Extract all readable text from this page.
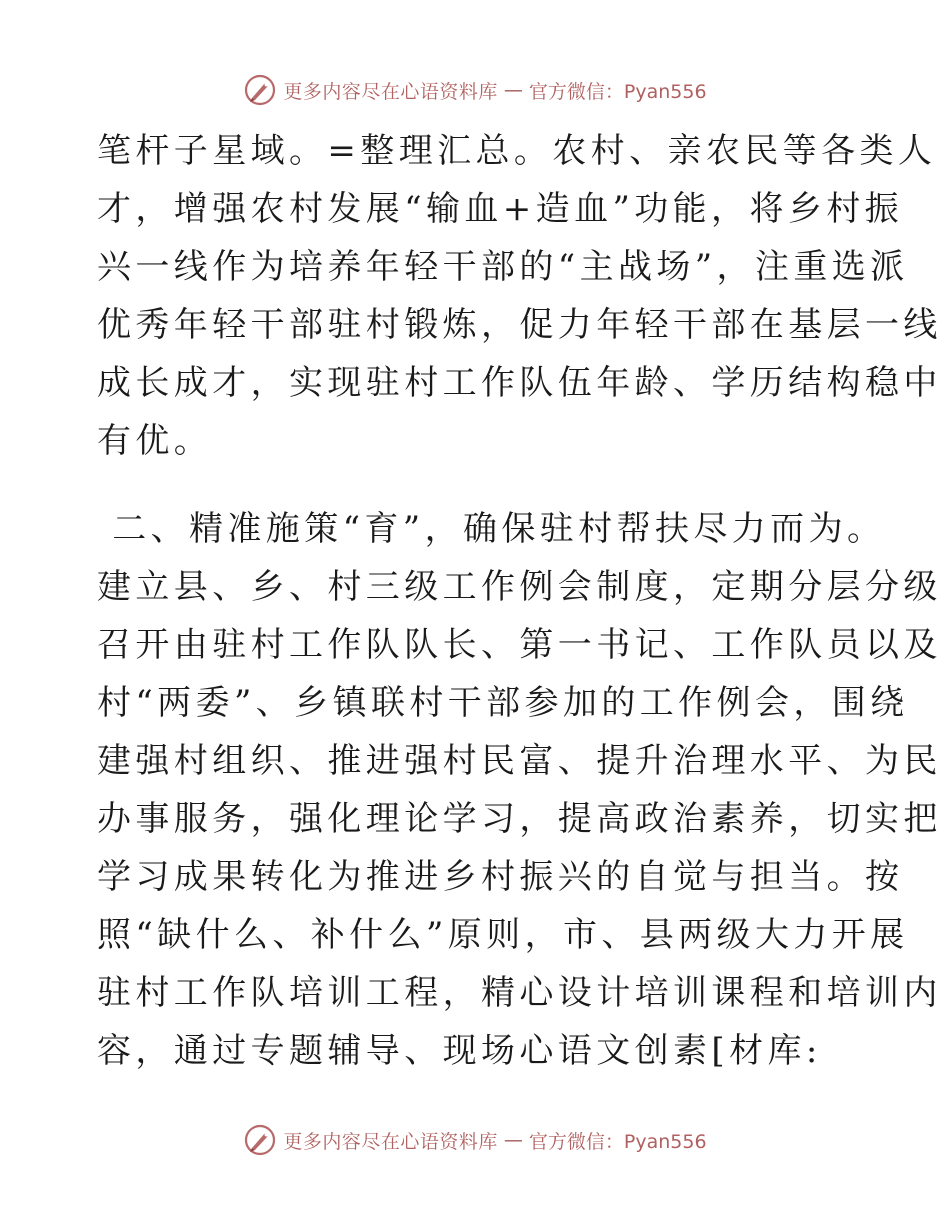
更多内容尽在心语资料库 — 官方微信：Pyan556
笔杆子星域。=整理汇总。农村、亲农民等各类人
才，增强农村发展“输血+造血”功能，将乡村振
兴一线作为培养年轻干部的“主战场”，注重选派
优秀年轻干部驻村锻炼，促力年轻干部在基层一线
成长成才，实现驻村工作队伍年龄、学历结构稳中
有优。
二、精准施策“育”，确保驻村帮扶尽力而为。
建立县、乡、村三级工作例会制度，定期分层分级
召开由驻村工作队队长、第一书记、工作队员以及
村“两委”、乡镇联村干部参加的工作例会，围绕
建强村组织、推进强村民富、提升治理水平、为民
办事服务，强化理论学习，提高政治素养，切实把
学习成果转化为推进乡村振兴的自觉与担当。按
照“缺什么、补什么”原则，市、县两级大力开展
驻村工作队培训工程，精心设计培训课程和培训内
容，通过专题辅导、现场心语文创素[材库:
更多内容尽在心语资料库 — 官方微信：Pyan556
